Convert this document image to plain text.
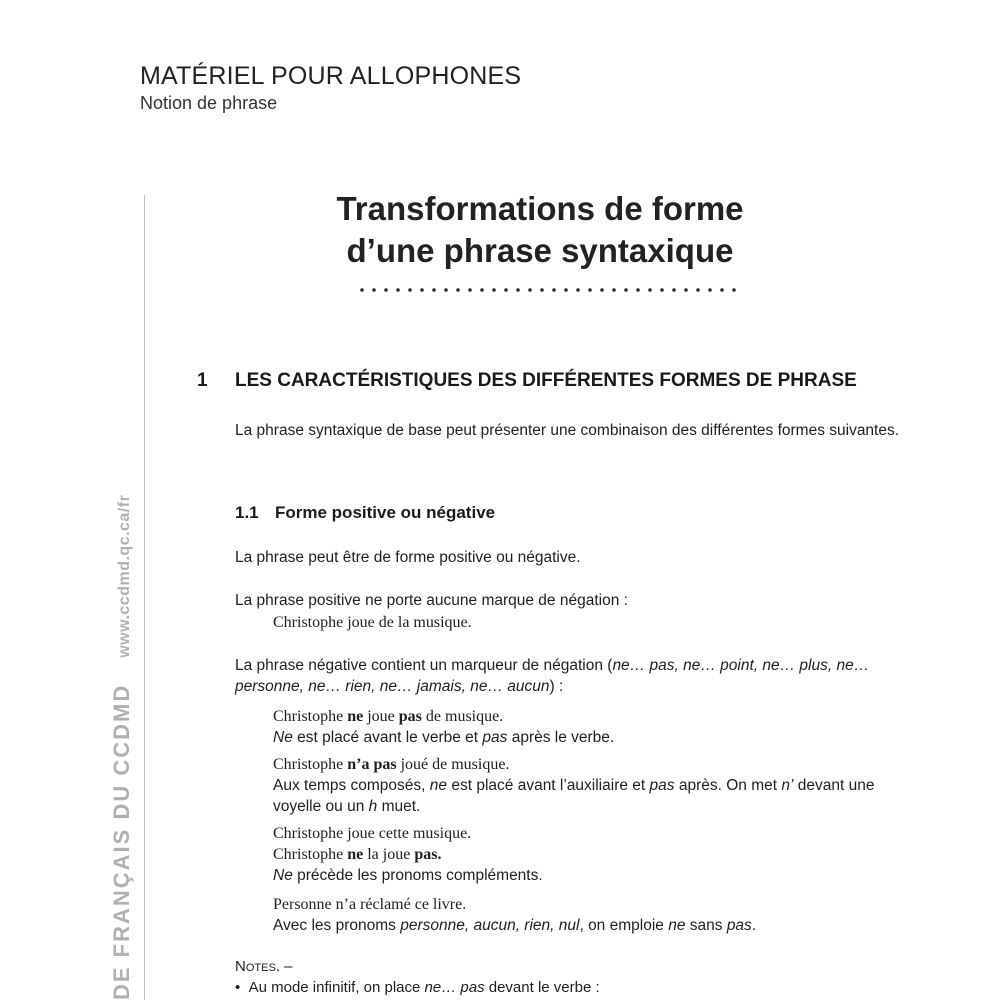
MATÉRIEL POUR ALLOPHONES
Notion de phrase
DE FRANÇAIS DU CCDMDwww.ccdmd.qc.ca/fr
Transformations de forme
d’une phrase syntaxique
1 LES CARACTÉRISTIQUES DES DIFFÉRENTES FORMES DE PHRASE
La phrase syntaxique de base peut présenter une combinaison des différentes formes suivantes.
1.1 Forme positive ou négative
La phrase peut être de forme positive ou négative.
La phrase positive ne porte aucune marque de négation :
Christophe joue de la musique.
La phrase négative contient un marqueur de négation (ne… pas, ne… point, ne… plus, ne… personne, ne… rien, ne… jamais, ne… aucun) :
Christophe ne joue pas de musique.
Ne est placé avant le verbe et pas après le verbe.
Christophe n’a pas joué de musique.
Aux temps composés, ne est placé avant l’auxiliaire et pas après. On met n’ devant une voyelle ou un h muet.
Christophe joue cette musique.
Christophe ne la joue pas.
Ne précède les pronoms compléments.
Personne n’a réclamé ce livre.
Avec les pronoms personne, aucun, rien, nul, on emploie ne sans pas.
Notes. –
•  Au mode infinitif, on place ne… pas devant le verbe :
